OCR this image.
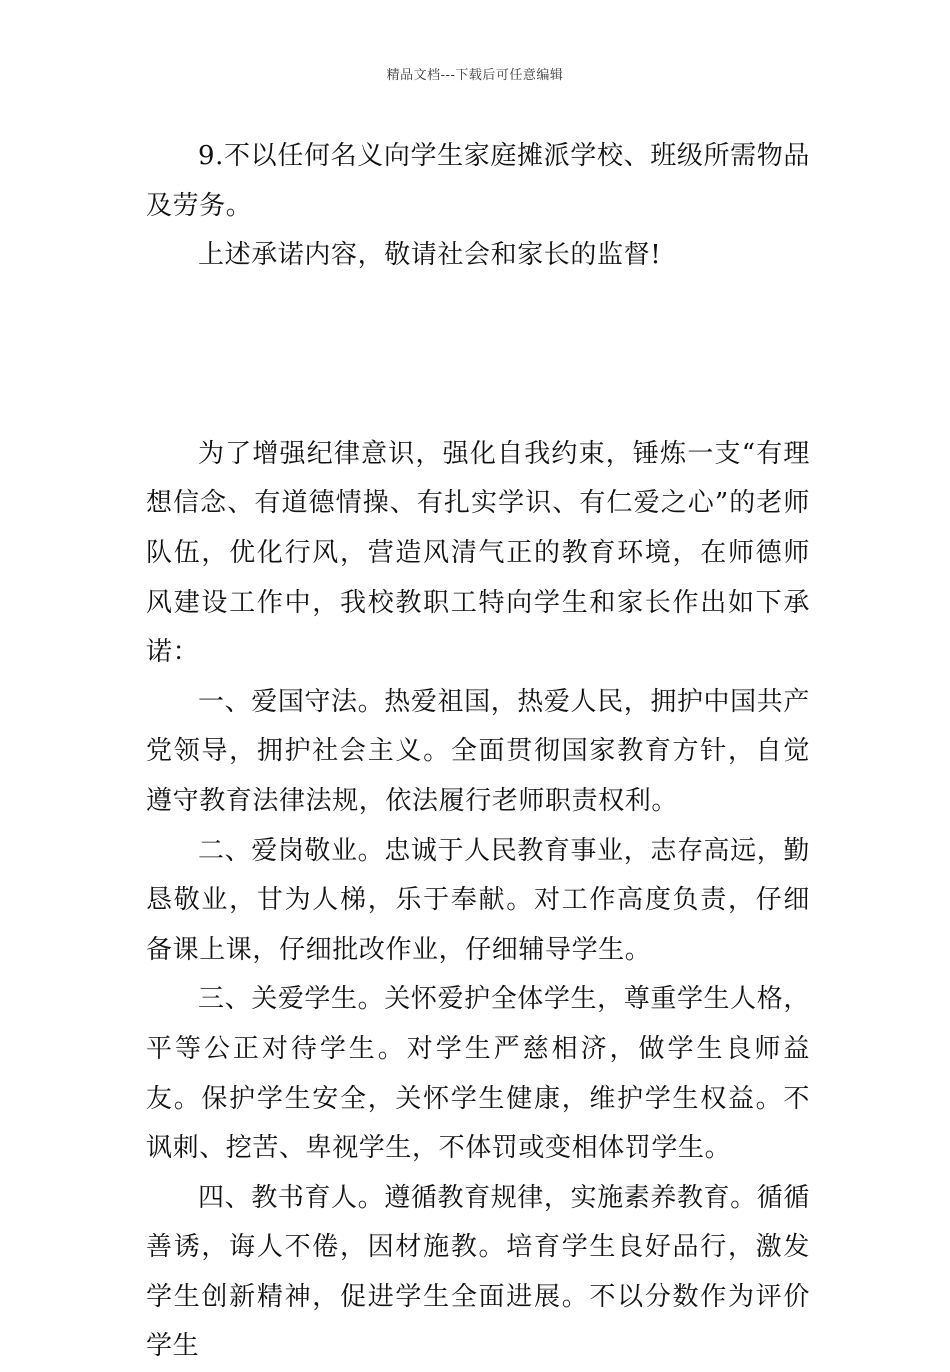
精品文档---下载后可任意编辑

9.不以任何名义向学生家庭摊派学校、班级所需物品及劳务。

上述承诺内容，敬请社会和家长的监督!

为了增强纪律意识，强化自我约束，锤炼一支“有理想信念、有道德情操、有扎实学识、有仁爱之心”的老师队伍，优化行风，营造风清气正的教育环境，在师德师风建设工作中，我校教职工特向学生和家长作出如下承诺：

一、爱国守法。热爱祖国，热爱人民，拥护中国共产党领导，拥护社会主义。全面贯彻国家教育方针，自觉遵守教育法律法规，依法履行老师职责权利。

二、爱岗敬业。忠诚于人民教育事业，志存高远，勤恳敬业，甘为人梯，乐于奉献。对工作高度负责，仔细备课上课，仔细批改作业，仔细辅导学生。

三、关爱学生。关怀爱护全体学生，尊重学生人格，平等公正对待学生。对学生严慈相济，做学生良师益友。保护学生安全，关怀学生健康，维护学生权益。不讽刺、挖苦、卑视学生，不体罚或变相体罚学生。

四、教书育人。遵循教育规律，实施素养教育。循循善诱，诲人不倦，因材施教。培育学生良好品行，激发学生创新精神，促进学生全面进展。不以分数作为评价学生
